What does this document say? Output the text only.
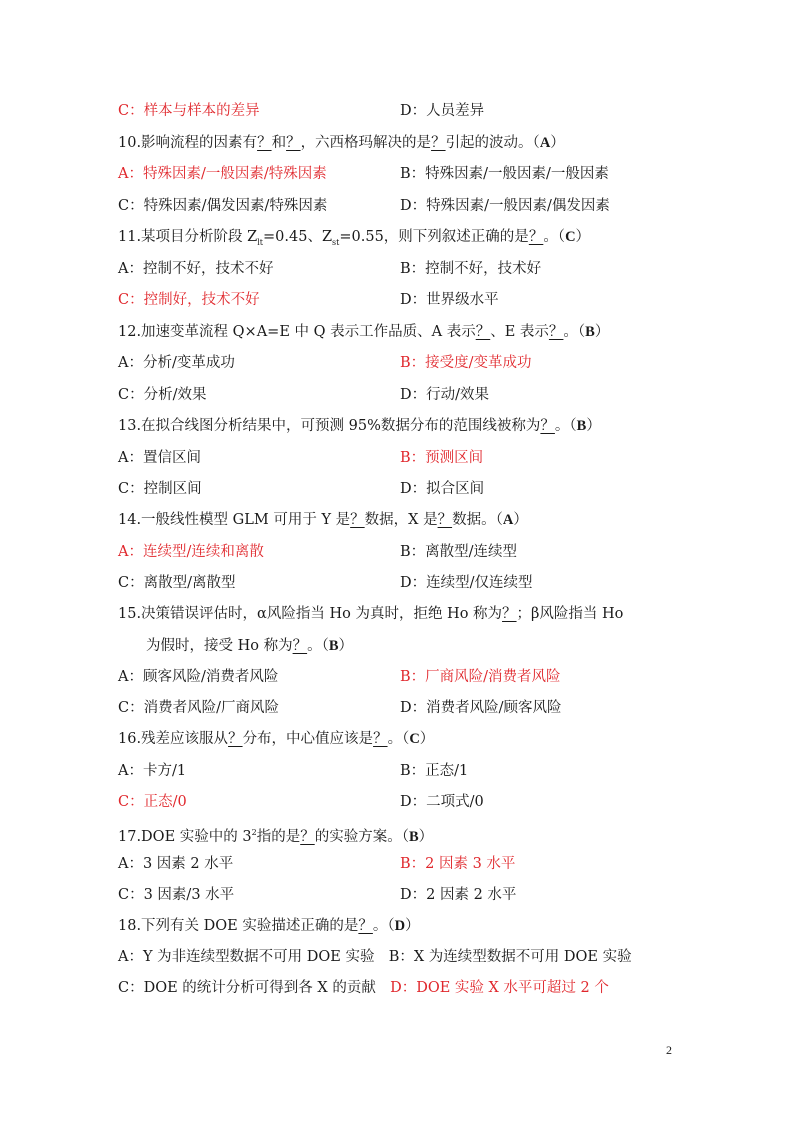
C：样本与样本的差异	D：人员差异
10.影响流程的因素有？和？，六西格玛解决的是？引起的波动。（A）
A：特殊因素/一般因素/特殊因素	B：特殊因素/一般因素/一般因素
C：特殊因素/偶发因素/特殊因素	D：特殊因素/一般因素/偶发因素
11.某项目分析阶段 $Z_{lt}=0.45$、$Z_{st}=0.55$，则下列叙述正确的是？。（C）
A：控制不好，技术不好	B：控制不好，技术好
C：控制好，技术不好	D：世界级水平
12.加速变革流程 Q×A=E 中 Q 表示工作品质、A 表示？、E 表示？。（B）
A：分析/变革成功	B：接受度/变革成功
C：分析/效果	D：行动/效果
13.在拟合线图分析结果中，可预测 95%数据分布的范围线被称为？。（B）
A：置信区间	B：预测区间
C：控制区间	D：拟合区间
14.一般线性模型 GLM 可用于 Y 是？数据，X 是？数据。（A）
A：连续型/连续和离散	B：离散型/连续型
C：离散型/离散型	D：连续型/仅连续型
15.决策错误评估时，α风险指当 Ho 为真时，拒绝 Ho 称为？；β风险指当 Ho
为假时，接受 Ho 称为？。（B）
A：顾客风险/消费者风险	B：厂商风险/消费者风险
C：消费者风险/厂商风险	D：消费者风险/顾客风险
16.残差应该服从？分布，中心值应该是？。（C）
A：卡方/1	B：正态/1
C：正态/0	D：二项式/0
17.DOE 实验中的 $3^2$指的是？的实验方案。（B）
A：3 因素 2 水平	B：2 因素 3 水平
C：3 因素/3 水平	D：2 因素 2 水平
18.下列有关 DOE 实验描述正确的是？。（D）
A：Y 为非连续型数据不可用 DOE 实验 B：X 为连续型数据不可用 DOE 实验
C：DOE 的统计分析可得到各 X 的贡献 D：DOE 实验 X 水平可超过 2 个
2
